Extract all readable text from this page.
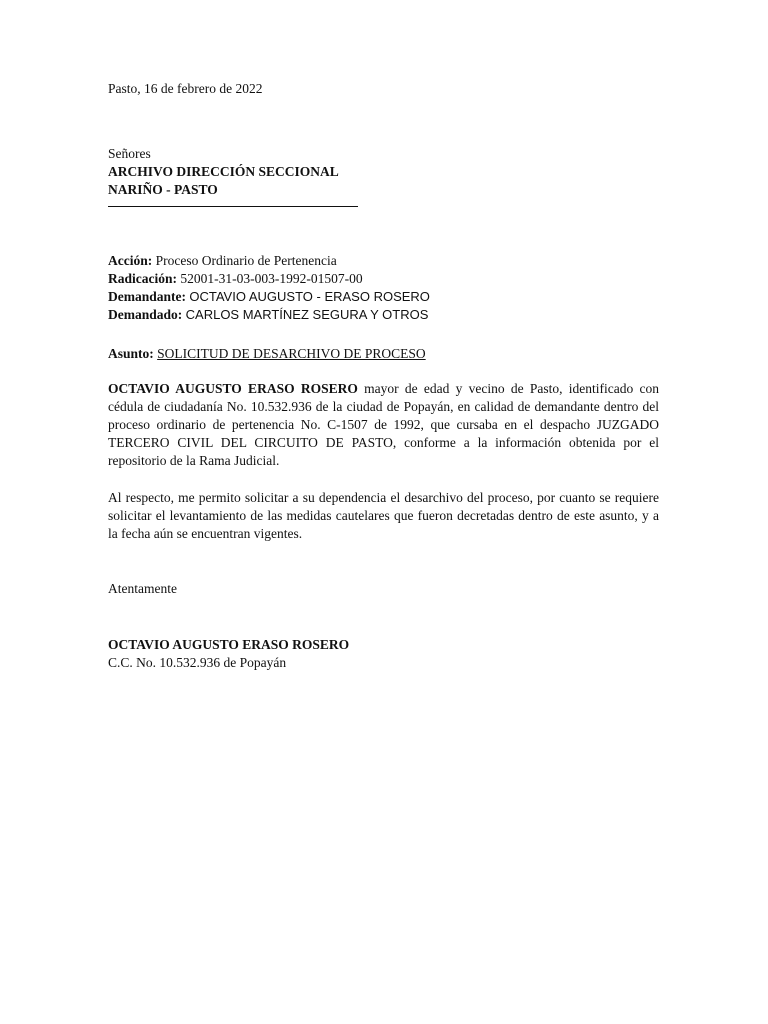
Pasto, 16 de febrero de 2022
Señores
ARCHIVO DIRECCIÓN SECCIONAL
NARIÑO - PASTO
Acción: Proceso Ordinario de Pertenencia
Radicación: 52001-31-03-003-1992-01507-00
Demandante: OCTAVIO AUGUSTO - ERASO ROSERO
Demandado: CARLOS MARTÍNEZ SEGURA Y OTROS
Asunto: SOLICITUD DE DESARCHIVO DE PROCESO

OCTAVIO AUGUSTO ERASO ROSERO mayor de edad y vecino de Pasto, identificado con cédula de ciudadanía No. 10.532.936 de la ciudad de Popayán, en calidad de demandante dentro del proceso ordinario de pertenencia No. C-1507 de 1992, que cursaba en el despacho JUZGADO TERCERO CIVIL DEL CIRCUITO DE PASTO, conforme a la información obtenida por el repositorio de la Rama Judicial.

Al respecto, me permito solicitar a su dependencia el desarchivo del proceso, por cuanto se requiere solicitar el levantamiento de las medidas cautelares que fueron decretadas dentro de este asunto, y a la fecha aún se encuentran vigentes.

Atentamente
OCTAVIO AUGUSTO ERASO ROSERO
C.C. No. 10.532.936 de Popayán
